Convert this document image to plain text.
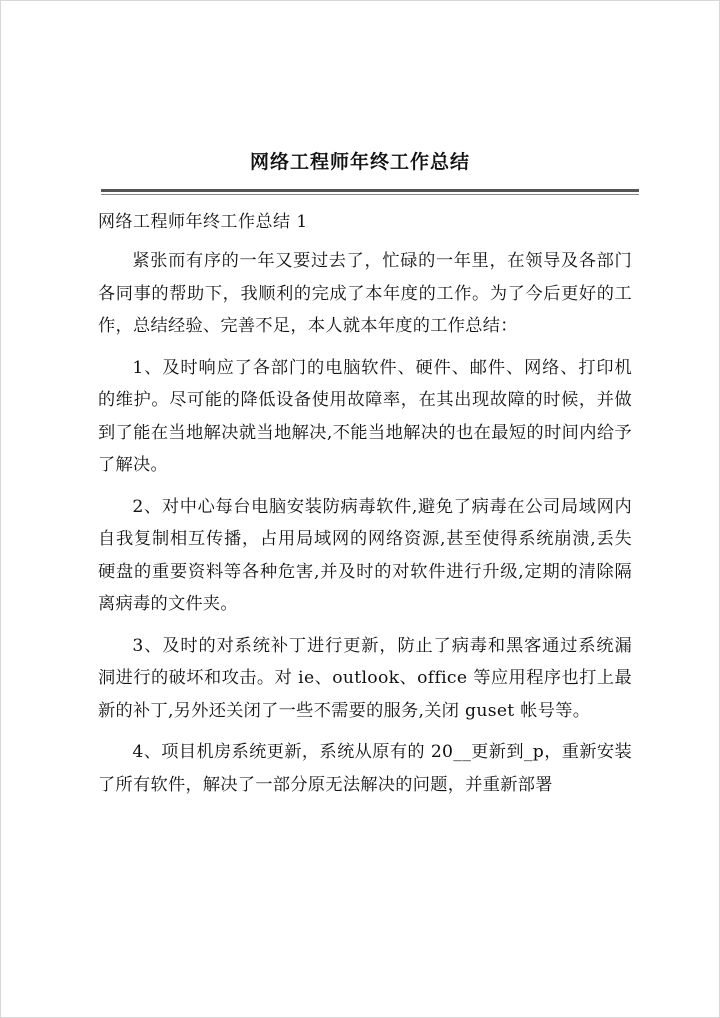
网络工程师年终工作总结
网络工程师年终工作总结 1

紧张而有序的一年又要过去了，忙碌的一年里，在领导及各部门各同事的帮助下，我顺利的完成了本年度的工作。为了今后更好的工作，总结经验、完善不足，本人就本年度的工作总结：

1、及时响应了各部门的电脑软件、硬件、邮件、网络、打印机的维护。尽可能的降低设备使用故障率，在其出现故障的时候，并做到了能在当地解决就当地解决,不能当地解决的也在最短的时间内给予了解决。

2、对中心每台电脑安装防病毒软件,避免了病毒在公司局域网内自我复制相互传播，占用局域网的网络资源,甚至使得系统崩溃,丢失硬盘的重要资料等各种危害,并及时的对软件进行升级,定期的清除隔离病毒的文件夹。

3、及时的对系统补丁进行更新，防止了病毒和黑客通过系统漏洞进行的破坏和攻击。对 ie、outlook、office 等应用程序也打上最新的补丁,另外还关闭了一些不需要的服务,关闭 guset 帐号等。

4、项目机房系统更新，系统从原有的 20__更新到_p，重新安装了所有软件，解决了一部分原无法解决的问题，并重新部署
